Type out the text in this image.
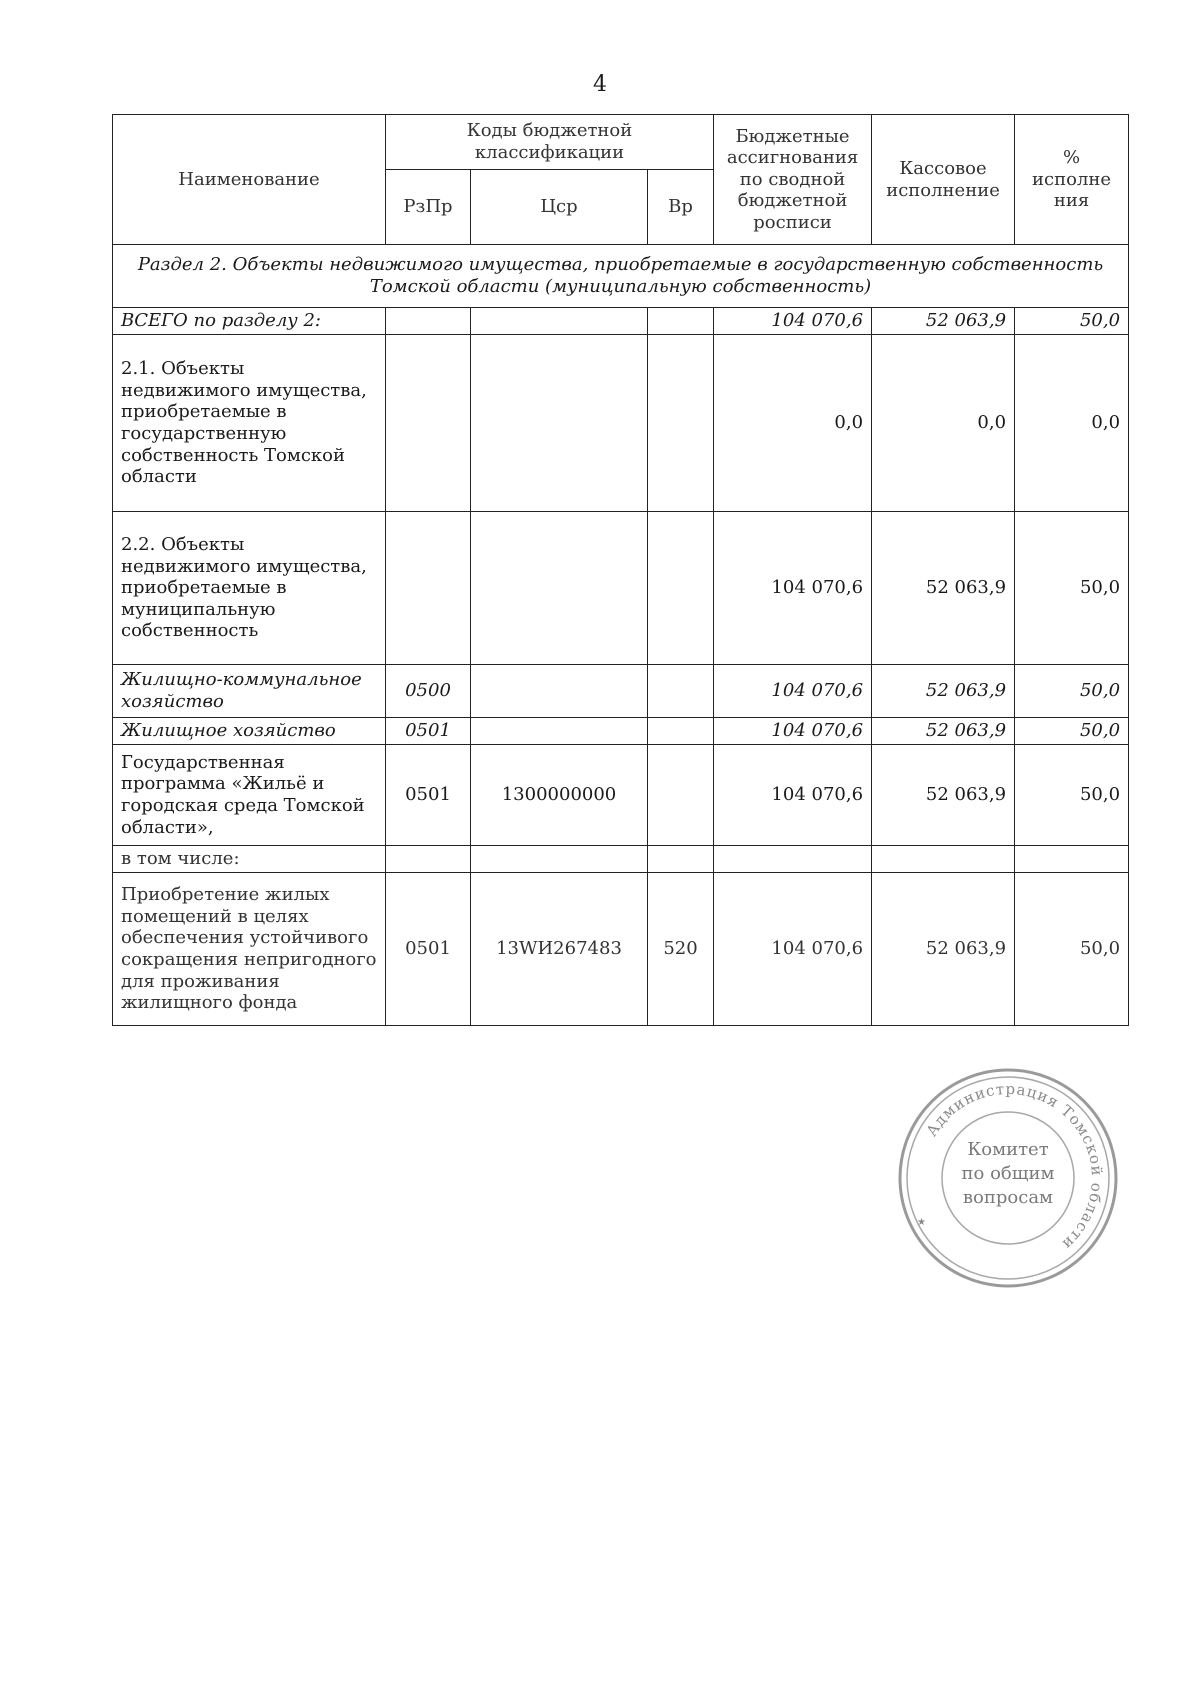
4
Наименование	Коды бюджетной классификации			Бюджетные ассигнования по сводной бюджетной росписи	Кассовое исполнение	% исполне ния
	РзПр	Цср	Вр			
Раздел 2. Объекты недвижимого имущества, приобретаемые в государственную собственность Томской области (муниципальную собственность)						
ВСЕГО по разделу 2:				104 070,6	52 063,9	50,0
2.1. Объекты недвижимого имущества, приобретаемые в государственную собственность Томской области				0,0	0,0	0,0
2.2. Объекты недвижимого имущества, приобретаемые в муниципальную собственность				104 070,6	52 063,9	50,0
Жилищно-коммунальное хозяйство	0500			104 070,6	52 063,9	50,0
Жилищное хозяйство	0501			104 070,6	52 063,9	50,0
Государственная программа «Жильё и городская среда Томской области»,	0501	1300000000		104 070,6	52 063,9	50,0
в том числе:						
Приобретение жилых помещений в целях обеспечения устойчивого сокращения непригодного для проживания жилищного фонда	0501	13WИ267483	520	104 070,6	52 063,9	50,0
Администрация Томской области
Комитет
по общим
вопросам
★
